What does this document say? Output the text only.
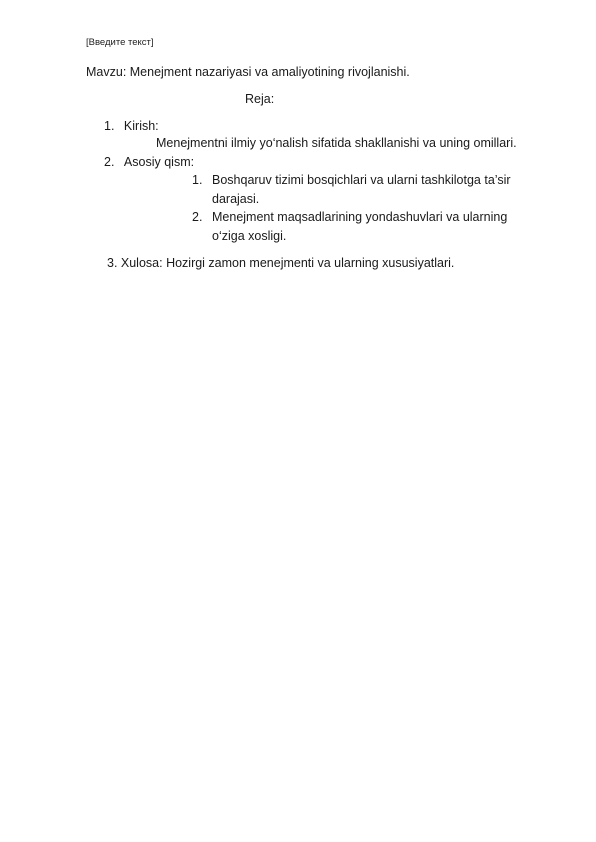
[Введите текст]
Mavzu: Menejment nazariyasi va amaliyotining rivojlanishi.
Reja:
1. Kirish:
Menejmentni ilmiy yo‘nalish sifatida shakllanishi va uning omillari.
2. Asosiy qism:
1. Boshqaruv tizimi bosqichlari va ularni tashkilotga ta’sir
darajasi.
2. Menejment maqsadlarining yondashuvlari va ularning
o‘ziga xosligi.
3. Xulosa: Hozirgi zamon menejmenti va ularning xususiyatlari.
